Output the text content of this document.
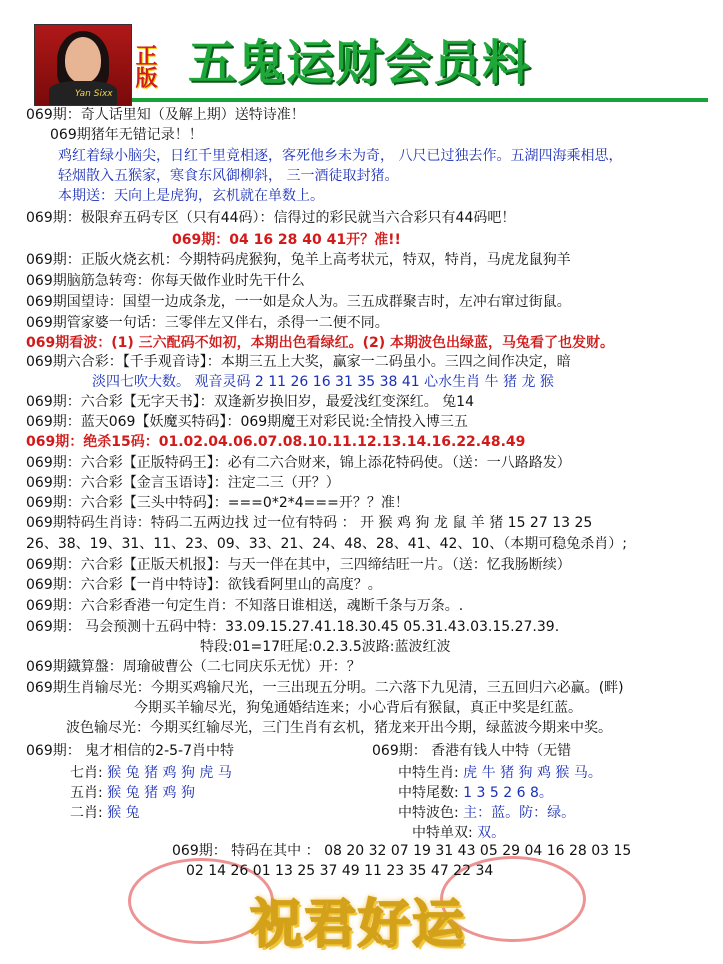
Yan Sixx
正版 五鬼运财会员料
069期：奇人话里知（及解上期）送特诗准！
069期猪年无错记录！！
鸡红着绿小脑尖，日红千里竟相逐，客死他乡未为奇， 八尺已过独去作。五湖四海乘相思，
轻烟散入五猴家，寒食东风御柳斜， 三一酒徒取封猪。
本期送：天向上是虎狗，玄机就在单数上。
069期：极限弃五码专区（只有44码）：信得过的彩民就当六合彩只有44码吧！
069期：04 16 28 40 41开？准!!
069期：正版火烧玄机：今期特码虎猴狗，兔羊上高考状元，特双，特肖，马虎龙鼠狗羊
069期脑筋急转弯：你每天做作业时先干什么
069期国望诗：国望一边成条龙，一一如是众人为。三五成群聚吉时，左冲右窜过街鼠。
069期管家婆一句话：三零伴左又伴右，杀得一二便不同。
069期看波：(1) 三六配码不如初，本期出色看绿红。(2) 本期波色出绿蓝，马兔看了也发财。
069期六合彩：【千手观音诗】：本期三五上大奖，赢家一二码虽小。三四之间作决定，暗
淡四七吹大数。 观音灵码 2 11 26 16 31 35 38 41 心水生肖 牛 猪 龙 猴
069期：六合彩【无字天书】：双逢新岁换旧岁，最爱浅红变深红。 兔14
069期：蓝天069【妖魔买特码】：069期魔王对彩民说:全情投入博三五
069期：绝杀15码：01.02.04.06.07.08.10.11.12.13.14.16.22.48.49
069期：六合彩【正版特码王】：必有二六合财来，锦上添花特码使。（送：一八路路发）
069期：六合彩【金言玉语诗】：注定二三（开？）
069期：六合彩【三头中特码】：===0*2*4===开？？准！
069期特码生肖诗：特码二五两边找 过一位有特码 ： 开 猴 鸡 狗 龙 鼠 羊 猪 15 27 13 25
26、38、19、31、11、23、09、33、21、24、48、28、41、42、10、（本期可稳兔杀肖）;
069期：六合彩【正版天机报】：与天一伴在其中，三四缔结旺一片。（送：忆我肠断续）
069期：六合彩【一肖中特诗】：欲钱看阿里山的高度？。
069期：六合彩香港一句定生肖：不知落日谁相送，魂断千条与万条。.
069期： 马会预测十五码中特：33.09.15.27.41.18.30.45 05.31.43.03.15.27.39.
特段:01=17旺尾:0.2.3.5波路:蓝波红波
069期鐡算盤：周瑜破曹公（二七同庆乐无忧）开：？
069期生肖输尽光：今期买鸡输尺光，一三出现五分明。二六落下九见清，三五回归六必赢。(畔)
今期买羊输尽光，狗兔通婚结连来；小心背后有猴鼠，真正中奖是红蓝。
波色输尽光：今期买红输尽光，三门生肖有玄机，猪龙来开出今期，绿蓝波今期来中奖。
069期： 鬼才相信的2-5-7肖中特
七肖: 猴 兔 猪 鸡 狗 虎 马
五肖: 猴 兔 猪 鸡 狗
二肖: 猴 兔
069期： 香港有钱人中特（无错
中特生肖: 虎 牛 猪 狗 鸡 猴 马。
中特尾数: 1 3 5 2 6 8。
中特波色: 主：蓝。防：绿。
中特单双: 双。
069期： 特码在其中 ： 08 20 32 07 19 31 43 05 29 04 16 28 03 15
02 14 26 01 13 25 37 49 11 23 35 47 22 34
祝君好运
